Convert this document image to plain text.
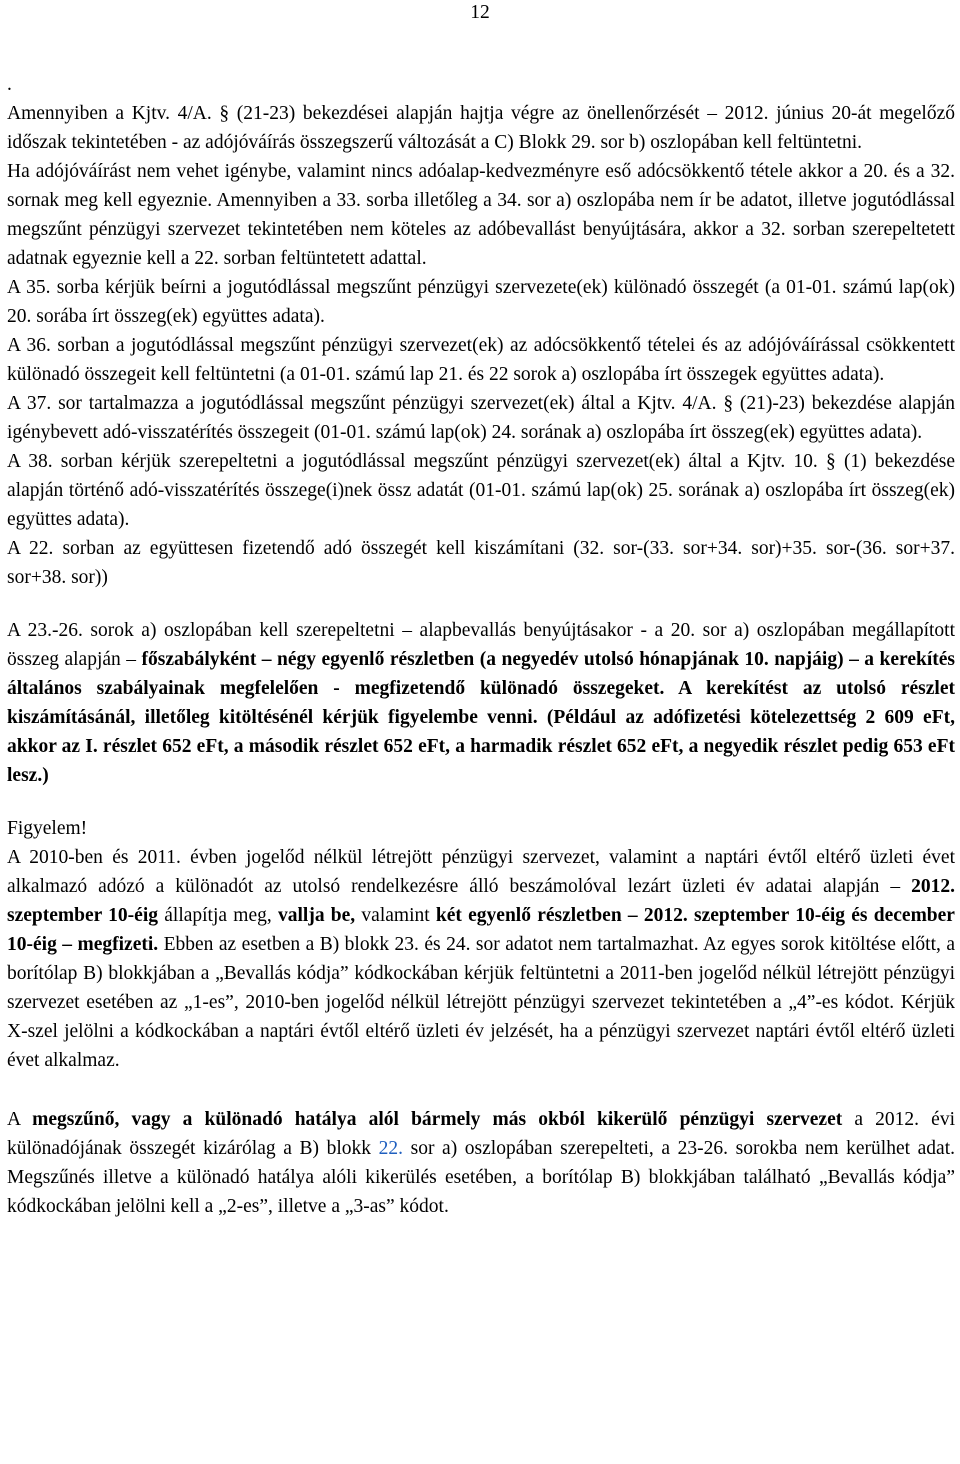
12

.

Amennyiben a Kjtv. 4/A. § (21-23) bekezdései alapján hajtja végre az önellenőrzését – 2012. június 20-át megelőző időszak tekintetében - az adójóváírás összegszerű változását a C) Blokk 29. sor b) oszlopában kell feltüntetni.

Ha adójóváírást nem vehet igénybe, valamint nincs adóalap-kedvezményre eső adócsökkentő tétele akkor a 20. és a 32. sornak meg kell egyeznie. Amennyiben a 33. sorba illetőleg a 34. sor a) oszlopába nem ír be adatot, illetve jogutódlással megszűnt pénzügyi szervezet tekintetében nem köteles az adóbevallást benyújtására, akkor a 32. sorban szerepeltetett adatnak egyeznie kell a 22. sorban feltüntetett adattal.

A 35. sorba kérjük beírni a jogutódlással megszűnt pénzügyi szervezete(ek) különadó összegét (a 01-01. számú lap(ok) 20. sorába írt összeg(ek) együttes adata).

A 36. sorban a jogutódlással megszűnt pénzügyi szervezet(ek) az adócsökkentő tételei és az adójóváírással csökkentett különadó összegeit kell feltüntetni (a 01-01. számú lap 21. és 22 sorok a) oszlopába írt összegek együttes adata).

A 37. sor tartalmazza a jogutódlással megszűnt pénzügyi szervezet(ek) által a Kjtv. 4/A. § (21)-23) bekezdése alapján igénybevett adó-visszatérítés összegeit (01-01. számú lap(ok) 24. sorának a) oszlopába írt összeg(ek) együttes adata).

A 38. sorban kérjük szerepeltetni a jogutódlással megszűnt pénzügyi szervezet(ek) által a Kjtv. 10. § (1) bekezdése alapján történő adó-visszatérítés összege(i)nek össz adatát (01-01. számú lap(ok) 25. sorának a) oszlopába írt összeg(ek) együttes adata).

A 22. sorban az együttesen fizetendő adó összegét kell kiszámítani (32. sor-(33. sor+34. sor)+35. sor-(36. sor+37. sor+38. sor))

A 23.-26. sorok a) oszlopában kell szerepeltetni – alapbevallás benyújtásakor - a 20. sor a) oszlopában megállapított összeg alapján – főszabályként – négy egyenlő részletben (a negyedév utolsó hónapjának 10. napjáig) – a kerekítés általános szabályainak megfelelően - megfizetendő különadó összegeket. A kerekítést az utolsó részlet kiszámításánál, illetőleg kitöltésénél kérjük figyelembe venni. (Például az adófizetési kötelezettség 2 609 eFt, akkor az I. részlet 652 eFt, a második részlet 652 eFt, a harmadik részlet 652 eFt, a negyedik részlet pedig 653 eFt lesz.)

Figyelem!

A 2010-ben és 2011. évben jogelőd nélkül létrejött pénzügyi szervezet, valamint a naptári évtől eltérő üzleti évet alkalmazó adózó a különadót az utolsó rendelkezésre álló beszámolóval lezárt üzleti év adatai alapján – 2012. szeptember 10-éig állapítja meg, vallja be, valamint két egyenlő részletben – 2012. szeptember 10-éig és december 10-éig – megfizeti. Ebben az esetben a B) blokk 23. és 24. sor adatot nem tartalmazhat. Az egyes sorok kitöltése előtt, a borítólap B) blokkjában a „Bevallás kódja” kódkockában kérjük feltüntetni a 2011-ben jogelőd nélkül létrejött pénzügyi szervezet esetében az „1-es”, 2010-ben jogelőd nélkül létrejött pénzügyi szervezet tekintetében a „4”-es kódot. Kérjük X-szel jelölni a kódkockában a naptári évtől eltérő üzleti év jelzését, ha a pénzügyi szervezet naptári évtől eltérő üzleti évet alkalmaz.

A megszűnő, vagy a különadó hatálya alól bármely más okból kikerülő pénzügyi szervezet a 2012. évi különadójának összegét kizárólag a B) blokk 22. sor a) oszlopában szerepelteti, a 23-26. sorokba nem kerülhet adat. Megszűnés illetve a különadó hatálya alóli kikerülés esetében, a borítólap B) blokkjában található „Bevallás kódja” kódkockában jelölni kell a „2-es”, illetve a „3-as” kódot.
